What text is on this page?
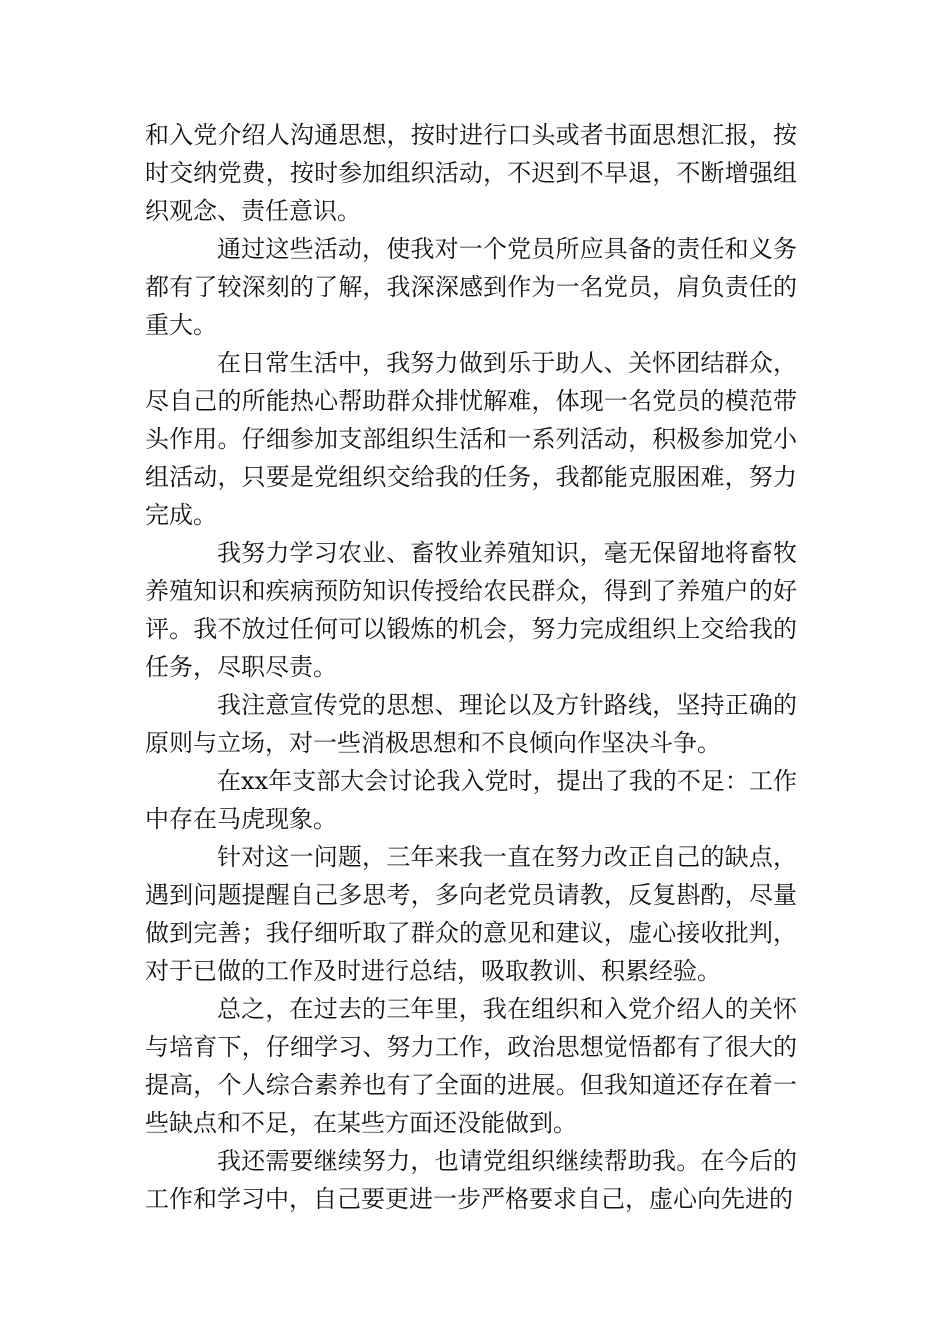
和入党介绍人沟通思想，按时进行口头或者书面思想汇报，按时交纳党费，按时参加组织活动，不迟到不早退，不断增强组织观念、责任意识。

通过这些活动，使我对一个党员所应具备的责任和义务都有了较深刻的了解，我深深感到作为一名党员，肩负责任的重大。

在日常生活中，我努力做到乐于助人、关怀团结群众，尽自己的所能热心帮助群众排忧解难，体现一名党员的模范带头作用。仔细参加支部组织生活和一系列活动，积极参加党小组活动，只要是党组织交给我的任务，我都能克服困难，努力完成。

我努力学习农业、畜牧业养殖知识，毫无保留地将畜牧养殖知识和疾病预防知识传授给农民群众，得到了养殖户的好评。我不放过任何可以锻炼的机会，努力完成组织上交给我的任务，尽职尽责。

我注意宣传党的思想、理论以及方针路线，坚持正确的原则与立场，对一些消极思想和不良倾向作坚决斗争。

在xx年支部大会讨论我入党时，提出了我的不足：工作中存在马虎现象。

针对这一问题，三年来我一直在努力改正自己的缺点，遇到问题提醒自己多思考，多向老党员请教，反复斟酌，尽量做到完善；我仔细听取了群众的意见和建议，虚心接收批判，对于已做的工作及时进行总结，吸取教训、积累经验。

总之，在过去的三年里，我在组织和入党介绍人的关怀与培育下，仔细学习、努力工作，政治思想觉悟都有了很大的提高，个人综合素养也有了全面的进展。但我知道还存在着一些缺点和不足，在某些方面还没能做到。

我还需要继续努力，也请党组织继续帮助我。在今后的工作和学习中，自己要更进一步严格要求自己，虚心向先进的
